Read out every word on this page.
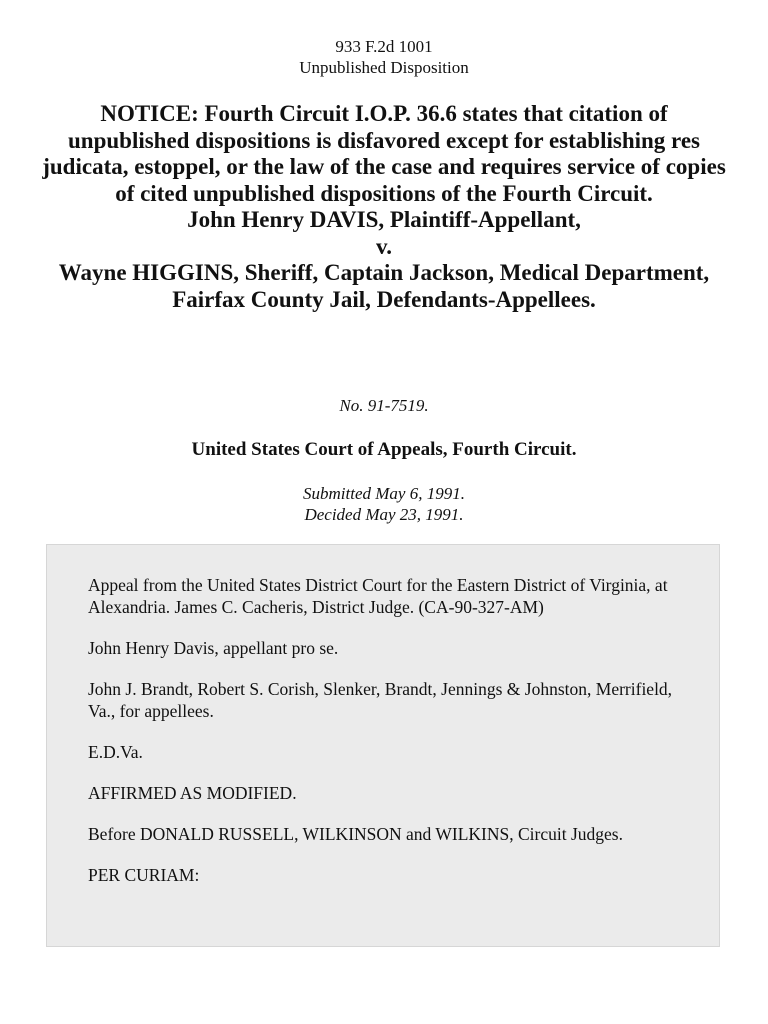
933 F.2d 1001
Unpublished Disposition
NOTICE: Fourth Circuit I.O.P. 36.6 states that citation of unpublished dispositions is disfavored except for establishing res judicata, estoppel, or the law of the case and requires service of copies of cited unpublished dispositions of the Fourth Circuit.
John Henry DAVIS, Plaintiff-Appellant,
v.
Wayne HIGGINS, Sheriff, Captain Jackson, Medical Department,
Fairfax County Jail, Defendants-Appellees.
No. 91-7519.
United States Court of Appeals, Fourth Circuit.
Submitted May 6, 1991.
Decided May 23, 1991.

Appeal from the United States District Court for the Eastern District of Virginia, at Alexandria. James C. Cacheris, District Judge. (CA-90-327-AM)

John Henry Davis, appellant pro se.

John J. Brandt, Robert S. Corish, Slenker, Brandt, Jennings & Johnston, Merrifield, Va., for appellees.

E.D.Va.

AFFIRMED AS MODIFIED.

Before DONALD RUSSELL, WILKINSON and WILKINS, Circuit Judges.

PER CURIAM:
